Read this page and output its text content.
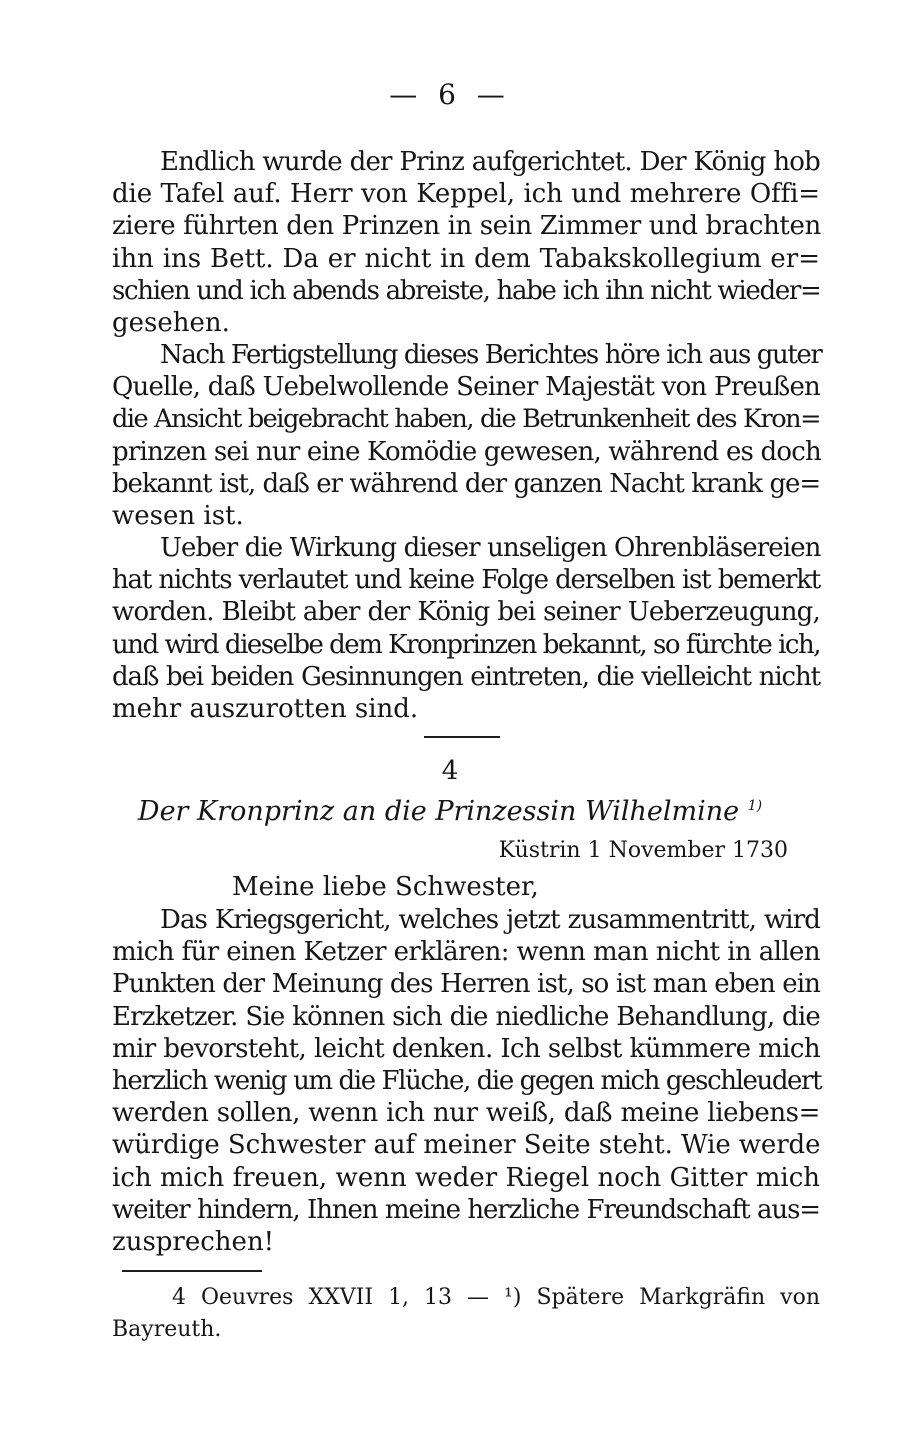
— 6 —
Endlich wurde der Prinz aufgerichtet. Der König hob
die Tafel auf. Herr von Keppel, ich und mehrere Offi=
ziere führten den Prinzen in sein Zimmer und brachten
ihn ins Bett. Da er nicht in dem Tabakskollegium er=
schien und ich abends abreiste, habe ich ihn nicht wieder=
gesehen.
Nach Fertigstellung dieses Berichtes höre ich aus guter
Quelle, daß Uebelwollende Seiner Majestät von Preußen
die Ansicht beigebracht haben, die Betrunkenheit des Kron=
prinzen sei nur eine Komödie gewesen, während es doch
bekannt ist, daß er während der ganzen Nacht krank ge=
wesen ist.
Ueber die Wirkung dieser unseligen Ohrenbläsereien
hat nichts verlautet und keine Folge derselben ist bemerkt
worden. Bleibt aber der König bei seiner Ueberzeugung,
und wird dieselbe dem Kronprinzen bekannt, so fürchte ich,
daß bei beiden Gesinnungen eintreten, die vielleicht nicht
mehr auszurotten sind.
4
Der Kronprinz an die Prinzessin Wilhelmine $^{1)}$
Küstrin 1 November 1730
Meine liebe Schwester,
Das Kriegsgericht, welches jetzt zusammentritt, wird
mich für einen Ketzer erklären: wenn man nicht in allen
Punkten der Meinung des Herren ist, so ist man eben ein
Erzketzer. Sie können sich die niedliche Behandlung, die
mir bevorsteht, leicht denken. Ich selbst kümmere mich
herzlich wenig um die Flüche, die gegen mich geschleudert
werden sollen, wenn ich nur weiß, daß meine liebens=
würdige Schwester auf meiner Seite steht. Wie werde
ich mich freuen, wenn weder Riegel noch Gitter mich
weiter hindern, Ihnen meine herzliche Freundschaft aus=
zusprechen!
4 Oeuvres XXVII 1, 13 — ¹) Spätere Markgräfin von
Bayreuth.
